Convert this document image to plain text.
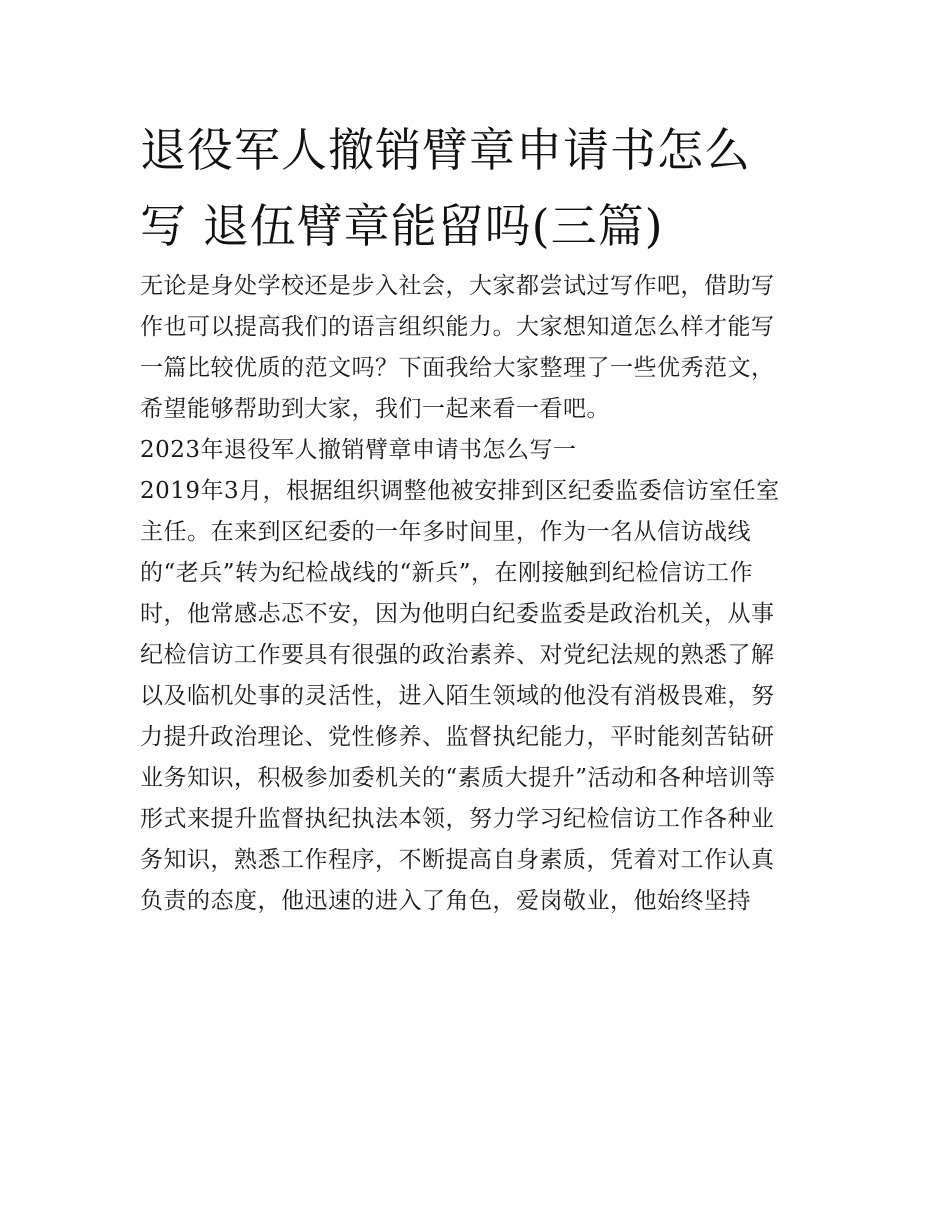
退役军人撤销臂章申请书怎么
写 退伍臂章能留吗(三篇)

无论是身处学校还是步入社会，大家都尝试过写作吧，借助写
作也可以提高我们的语言组织能力。大家想知道怎么样才能写
一篇比较优质的范文吗？下面我给大家整理了一些优秀范文，
希望能够帮助到大家，我们一起来看一看吧。

2023年退役军人撤销臂章申请书怎么写一

2019年3月，根据组织调整他被安排到区纪委监委信访室任室
主任。在来到区纪委的一年多时间里，作为一名从信访战线
的“老兵”转为纪检战线的“新兵”，在刚接触到纪检信访工作
时，他常感忐忑不安，因为他明白纪委监委是政治机关，从事
纪检信访工作要具有很强的政治素养、对党纪法规的熟悉了解
以及临机处事的灵活性，进入陌生领域的他没有消极畏难，努
力提升政治理论、党性修养、监督执纪能力，平时能刻苦钻研
业务知识，积极参加委机关的“素质大提升”活动和各种培训等
形式来提升监督执纪执法本领，努力学习纪检信访工作各种业
务知识，熟悉工作程序，不断提高自身素质，凭着对工作认真
负责的态度，他迅速的进入了角色，爱岗敬业，他始终坚持
